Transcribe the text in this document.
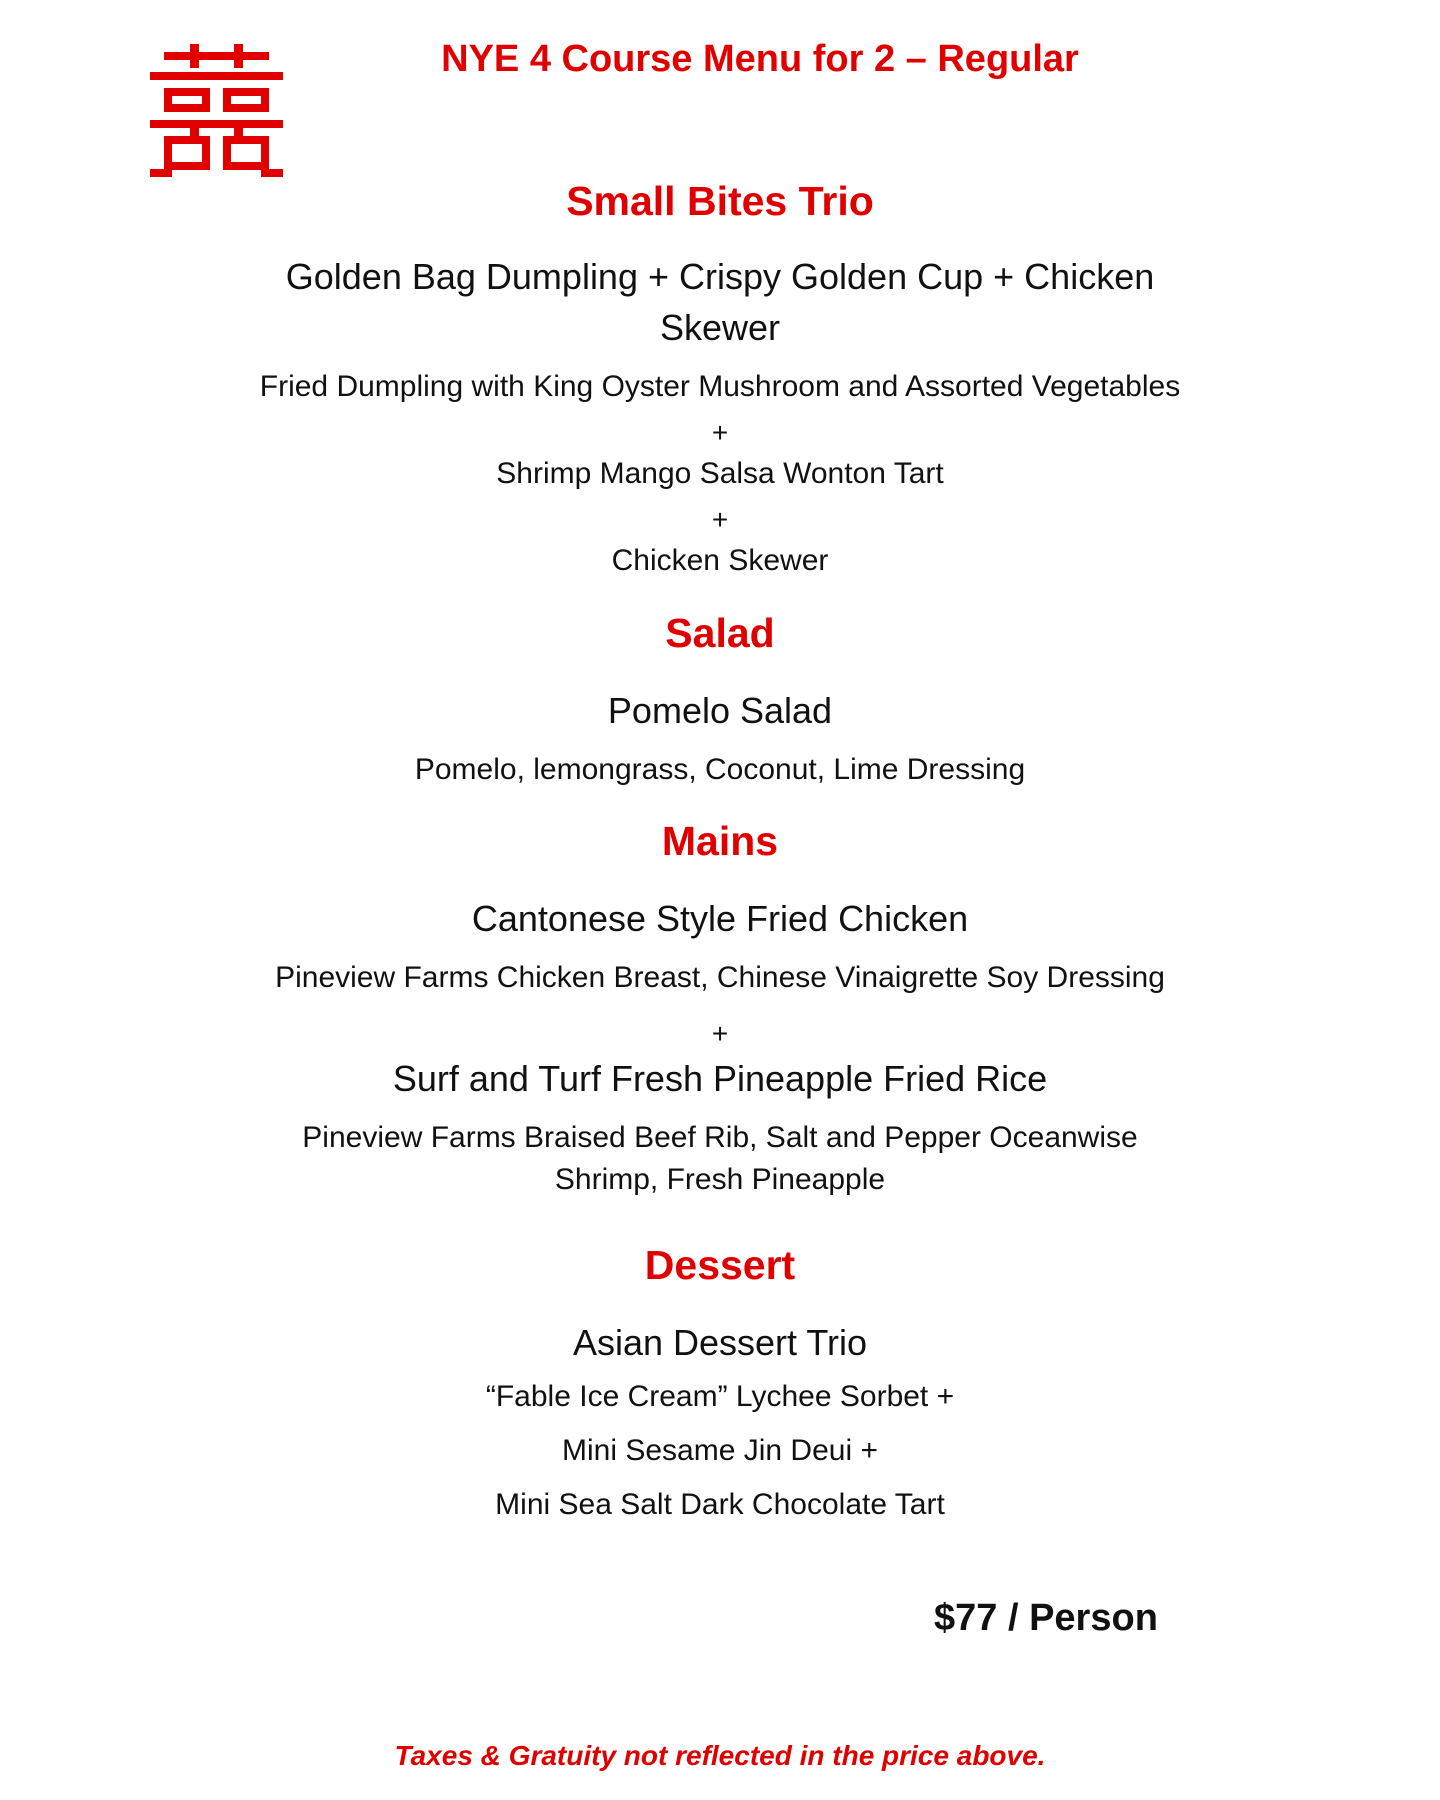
NYE 4 Course Menu for 2 – Regular
Small Bites Trio
Golden Bag Dumpling + Crispy Golden Cup + Chicken
Skewer
Fried Dumpling with King Oyster Mushroom and Assorted Vegetables
+
Shrimp Mango Salsa Wonton Tart
+
Chicken Skewer
Salad
Pomelo Salad
Pomelo, lemongrass, Coconut, Lime Dressing
Mains
Cantonese Style Fried Chicken
Pineview Farms Chicken Breast, Chinese Vinaigrette Soy Dressing
+
Surf and Turf Fresh Pineapple Fried Rice
Pineview Farms Braised Beef Rib, Salt and Pepper Oceanwise
Shrimp, Fresh Pineapple
Dessert
Asian Dessert Trio
“Fable Ice Cream” Lychee Sorbet +
Mini Sesame Jin Deui +
Mini Sea Salt Dark Chocolate Tart
$77 / Person
Taxes & Gratuity not reflected in the price above.
